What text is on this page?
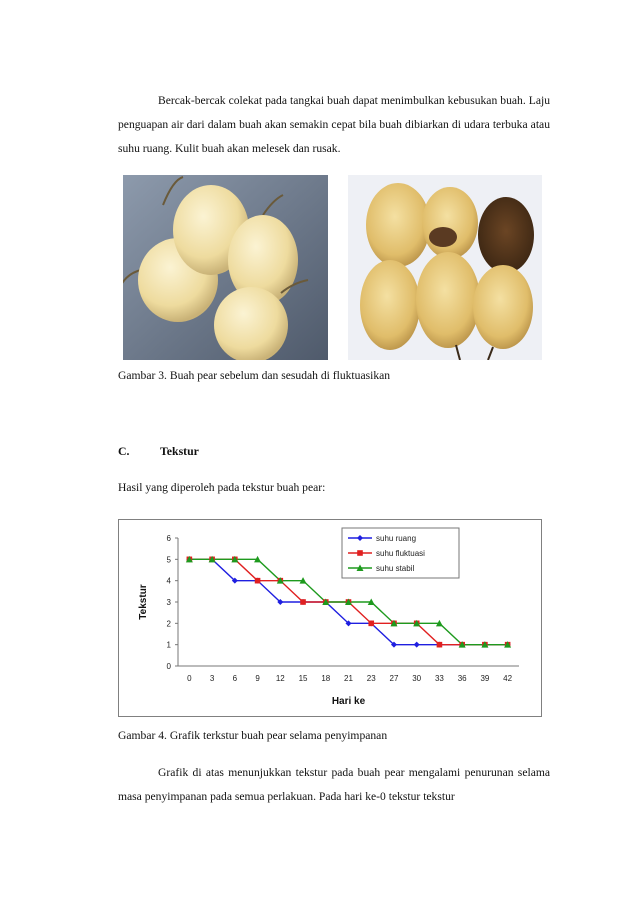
Bercak-bercak colekat pada tangkai buah dapat menimbulkan kebusukan buah. Laju penguapan air dari dalam buah akan semakin cepat bila buah dibiarkan di udara terbuka atau suhu ruang. Kulit buah akan melesek dan rusak.
Gambar 3. Buah pear sebelum dan sesudah di fluktuasikan
C.	Tekstur
Hasil yang diperoleh pada tekstur buah pear:
0
1
2
3
4
5
6
0 3 6 9 12 15 18 21 23 27 30 33 36 39 42
Hari ke
Tekstur
suhu ruang
suhu fluktuasi
suhu stabil
Gambar 4. Grafik terkstur buah pear selama penyimpanan
Grafik di atas menunjukkan tekstur pada buah pear mengalami penurunan selama masa penyimpanan pada semua perlakuan. Pada hari ke-0 tekstur tekstur
